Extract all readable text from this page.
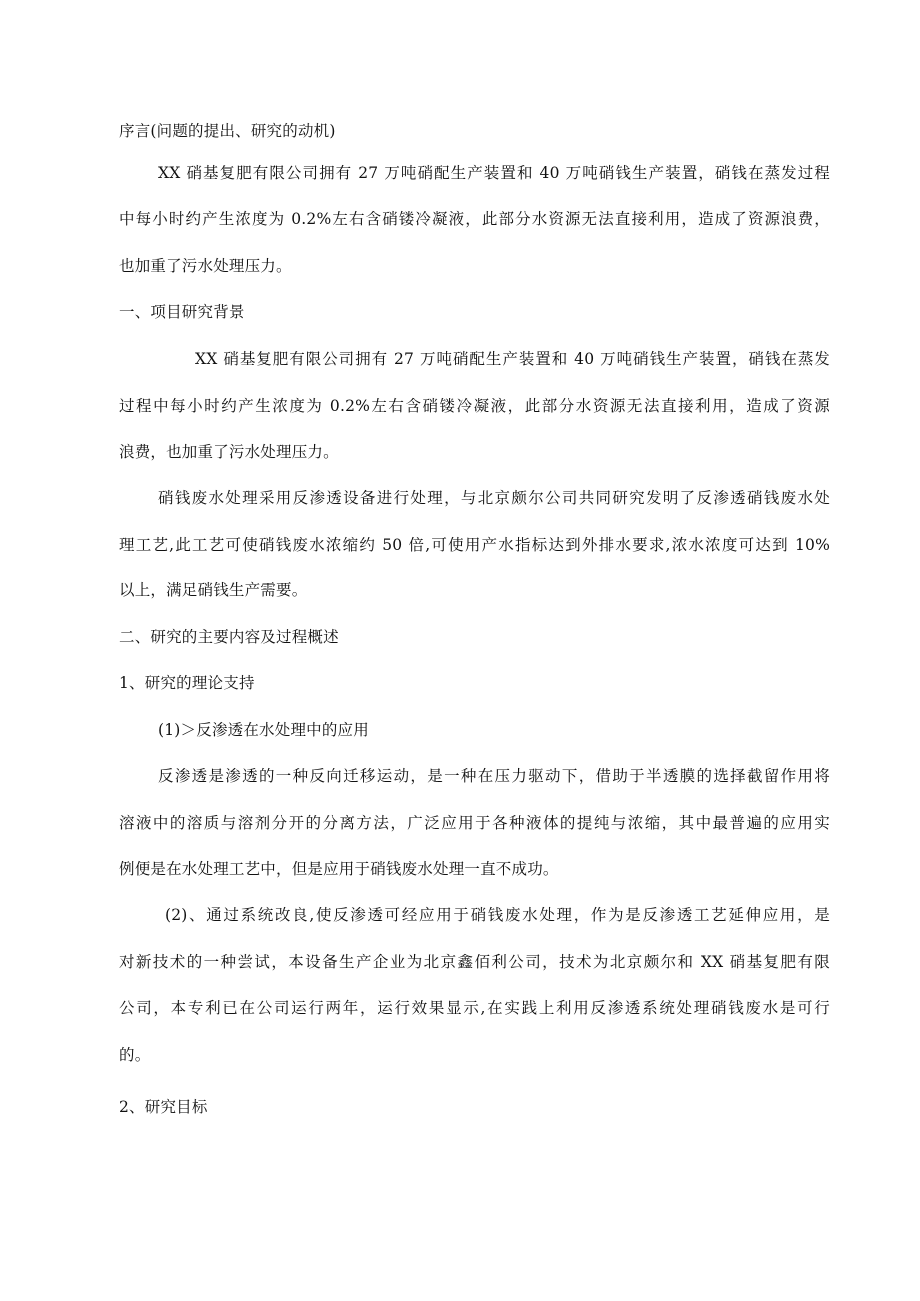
序言(问题的提出、研究的动机)
XX 硝基复肥有限公司拥有 27 万吨硝配生产装置和 40 万吨硝钱生产装置，硝钱在蒸发过程
中每小时约产生浓度为 0.2%左右含硝镂冷凝液，此部分水资源无法直接利用，造成了资源浪费，
也加重了污水处理压力。
一、项目研究背景
XX 硝基复肥有限公司拥有 27 万吨硝配生产装置和 40 万吨硝钱生产装置，硝钱在蒸发
过程中每小时约产生浓度为 0.2%左右含硝镂冷凝液，此部分水资源无法直接利用，造成了资源
浪费，也加重了污水处理压力。
硝钱废水处理采用反渗透设备进行处理，与北京颇尔公司共同研究发明了反渗透硝钱废水处
理工艺,此工艺可使硝钱废水浓缩约 50 倍,可使用产水指标达到外排水要求,浓水浓度可达到 10%
以上，满足硝钱生产需要。
二、研究的主要内容及过程概述
1、研究的理论支持
(1)＞反渗透在水处理中的应用
反渗透是渗透的一种反向迁移运动，是一种在压力驱动下，借助于半透膜的选择截留作用将
溶液中的溶质与溶剂分开的分离方法，广泛应用于各种液体的提纯与浓缩，其中最普遍的应用实
例便是在水处理工艺中，但是应用于硝钱废水处理一直不成功。
(2)、通过系统改良,使反渗透可经应用于硝钱废水处理，作为是反渗透工艺延伸应用，是
对新技术的一种尝试，本设备生产企业为北京鑫佰利公司，技术为北京颇尔和 XX 硝基复肥有限
公司，本专利已在公司运行两年，运行效果显示,在实践上利用反渗透系统处理硝钱废水是可行
的。
2、研究目标
